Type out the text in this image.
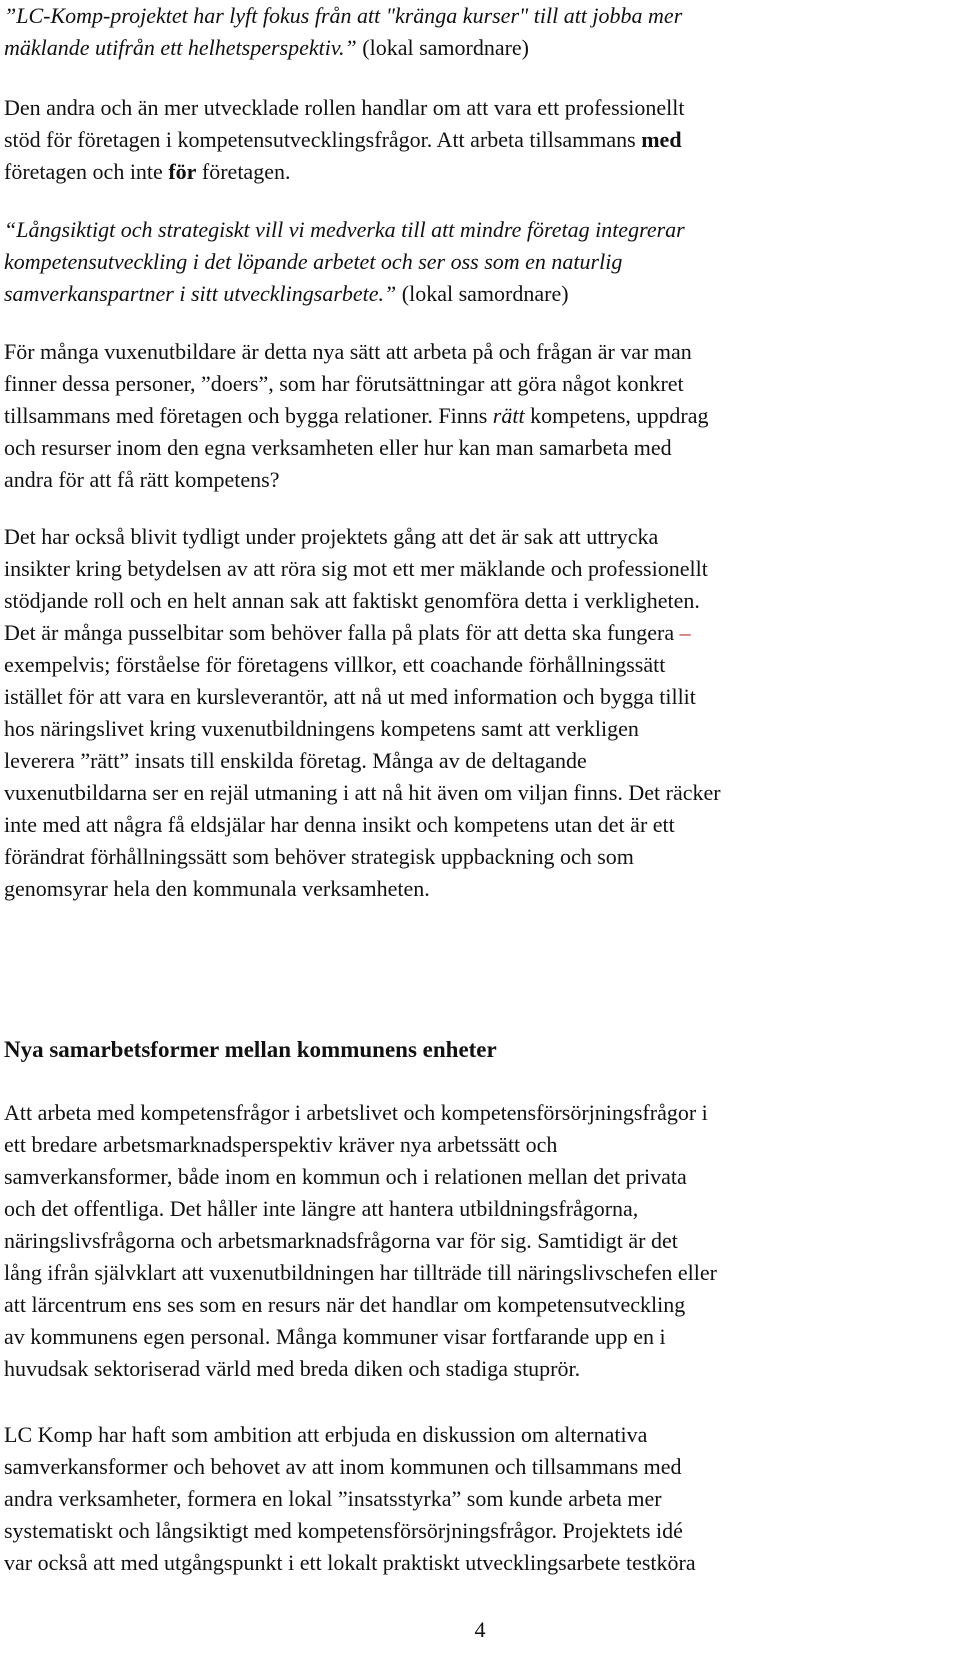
”LC-Komp-projektet har lyft fokus från att "kränga kurser" till att jobba mer
mäklande utifrån ett helhetsperspektiv.” (lokal samordnare)

Den andra och än mer utvecklade rollen handlar om att vara ett professionellt
stöd för företagen i kompetensutvecklingsfrågor. Att arbeta tillsammans med
företagen och inte för företagen.

“Långsiktigt och strategiskt vill vi medverka till att mindre företag integrerar
kompetensutveckling i det löpande arbetet och ser oss som en naturlig
samverkanspartner i sitt utvecklingsarbete.” (lokal samordnare)

För många vuxenutbildare är detta nya sätt att arbeta på och frågan är var man
finner dessa personer, ”doers”, som har förutsättningar att göra något konkret
tillsammans med företagen och bygga relationer. Finns rätt kompetens, uppdrag
och resurser inom den egna verksamheten eller hur kan man samarbeta med
andra för att få rätt kompetens?

Det har också blivit tydligt under projektets gång att det är sak att uttrycka
insikter kring betydelsen av att röra sig mot ett mer mäklande och professionellt
stödjande roll och en helt annan sak att faktiskt genomföra detta i verkligheten.
Det är många pusselbitar som behöver falla på plats för att detta ska fungera –
exempelvis; förståelse för företagens villkor, ett coachande förhållningssätt
istället för att vara en kursleverantör, att nå ut med information och bygga tillit
hos näringslivet kring vuxenutbildningens kompetens samt att verkligen
leverera ”rätt” insats till enskilda företag. Många av de deltagande
vuxenutbildarna ser en rejäl utmaning i att nå hit även om viljan finns. Det räcker
inte med att några få eldsjälar har denna insikt och kompetens utan det är ett
förändrat förhållningssätt som behöver strategisk uppbackning och som
genomsyrar hela den kommunala verksamheten.

Nya samarbetsformer mellan kommunens enheter

Att arbeta med kompetensfrågor i arbetslivet och kompetensförsörjningsfrågor i
ett bredare arbetsmarknadsperspektiv kräver nya arbetssätt och
samverkansformer, både inom en kommun och i relationen mellan det privata
och det offentliga. Det håller inte längre att hantera utbildningsfrågorna,
näringslivsfrågorna och arbetsmarknadsfrågorna var för sig. Samtidigt är det
lång ifrån självklart att vuxenutbildningen har tillträde till näringslivschefen eller
att lärcentrum ens ses som en resurs när det handlar om kompetensutveckling
av kommunens egen personal. Många kommuner visar fortfarande upp en i
huvudsak sektoriserad värld med breda diken och stadiga stuprör.

LC Komp har haft som ambition att erbjuda en diskussion om alternativa
samverkansformer och behovet av att inom kommunen och tillsammans med
andra verksamheter, formera en lokal ”insatsstyrka” som kunde arbeta mer
systematiskt och långsiktigt med kompetensförsörjningsfrågor. Projektets idé
var också att med utgångspunkt i ett lokalt praktiskt utvecklingsarbete testköra

4
